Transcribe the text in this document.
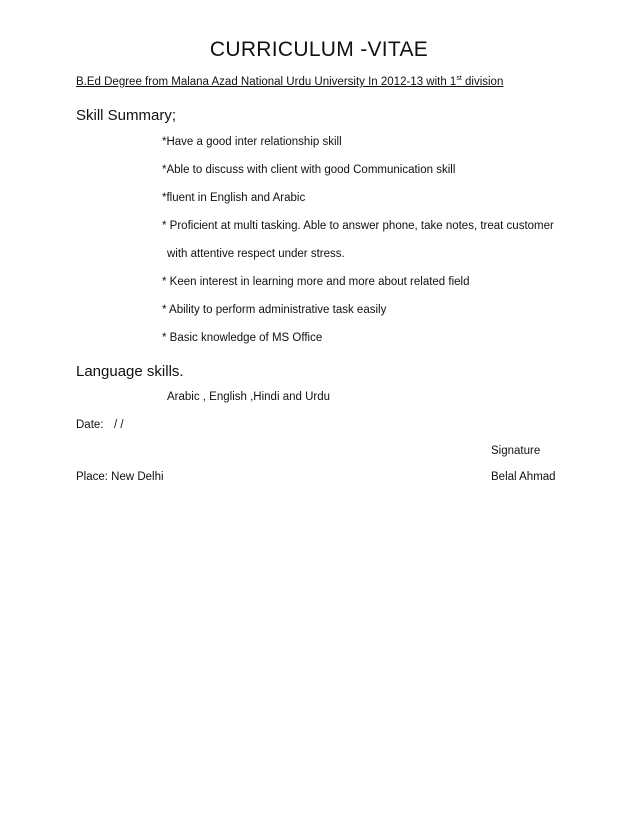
CURRICULUM -VITAE
B.Ed Degree from Malana Azad National Urdu University In 2012-13 with 1st division
Skill Summary;
*Have a good inter relationship skill
*Able to discuss with client with good Communication skill
*fluent in English and Arabic
* Proficient at multi tasking. Able to answer phone, take notes, treat customer
with attentive respect under stress.
* Keen interest in learning more and more about related field
* Ability to perform administrative task easily
* Basic knowledge of MS Office
Language skills.
Arabic , English ,Hindi and Urdu
Date: / /
Signature
Place: New Delhi	Belal Ahmad
